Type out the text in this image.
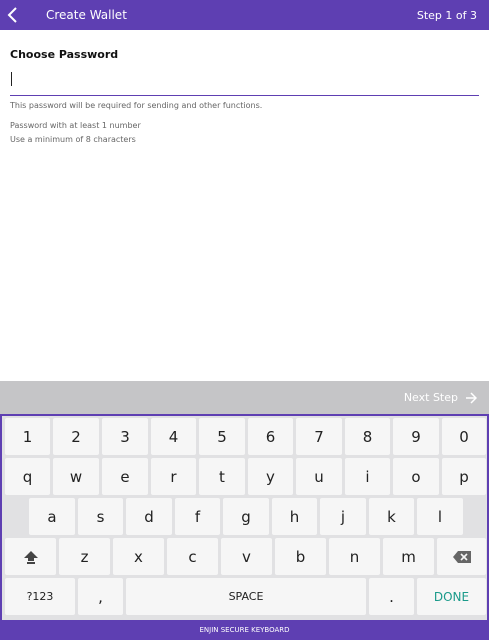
Create Wallet	Step 1 of 3
Choose Password
This password will be required for sending and other functions.
Password with at least 1 number
Use a minimum of 8 characters
Next Step
1	2	3	4	5	6	7	8	9	0
q	w	e	r	t	y	u	i	o	p
a	s	d	f	g	h	j	k	l
z	x	c	v	b	n	m
?123	,	SPACE	.	DONE
ENJIN SECURE KEYBOARD
